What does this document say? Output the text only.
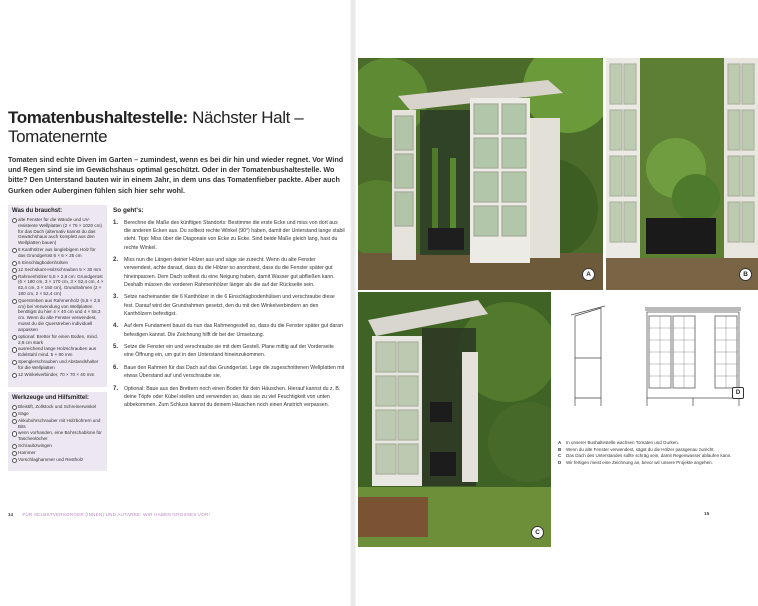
Tomatenbushaltestelle: Nächster Halt – Tomatenernte
Tomaten sind echte Diven im Garten – zumindest, wenn es bei dir hin und wieder regnet. Vor Wind und Regen sind sie im Gewächshaus optimal geschützt. Oder in der Tomatenbushaltestelle. Wo bitte? Den Unterstand bauten wir in einem Jahr, in dem uns das Tomatenfieber packte. Aber auch Gurken oder Auberginen fühlen sich hier sehr wohl.
Was du brauchst:
alte Fenster für die Wände und UV-resistente Wellplatten (2 × 75 × 1020 cm) für das Dach (alternativ kannst du das Gewächshaus auch komplett aus den Wellplatten bauen)
6 Kanthölzer aus langlebigem Holz für das Grundgerüst 6 × 6 × 25 cm
6 Einschlagbodenhülsen
12 Sechskant-Holzschrauben 5 × 30 mm
Rahmenhölzer 5,8 × 2,8 cm: Grundgerüst (6 × 180 cm, 3 × 170 cm, 3 × 52,4 cm, 4 × 62,4 cm, 3 × 150 cm), Grundrahmen (2 × 180 cm, 2 × 52,4 cm)
Querstreben aus Rahmenholz (5,8 × 2,8 cm) bei Verwendung von Wellplatten benötigst du hier 4 × 40 cm und 4 × 58,3 cm. Wenn du alte Fenster verwendest, musst du die Querstreben individuell anpassen
optional: Bretter für einen Boden, mind. 2,8 cm stark
ausreichend lange Holzschrauben aus Edelstahl mind. 5 × 80 mm
Spenglerschrauben und Abstandshalter für die Wellplatten
12 Winkelverbinder, 70 × 70 × 40 mm
Werkzeuge und Hilfsmittel:
Bleistift, Zollstock und Schreinerwinkel
Säge
Akkubohrschrauber mit Holzbohrern und Bits
wenn vorhanden, eine Bohrschablone für Taschenlöcher
Schraubzwingen
Hammer
Vorschlaghammer und Restholz
So geht's:
1. Berechne die Maße des künftigen Standorts: Bestimme die erste Ecke und miss von dort aus die anderen Ecken aus. Du solltest rechte Winkel (90°) haben, damit der Unterstand lange stabil steht. Tipp: Miss über die Diagonale von Ecke zu Ecke. Sind beide Maße gleich lang, hast du rechte Winkel.
2. Miss nun die Längen deiner Hölzer aus und säge sie zurecht. Wenn du alte Fenster verwendest, achte darauf, dass du die Hölzer so anordnest, dass du die Fenster später gut hineinpassen. Dem Dach solltest du eine Neigung haben, damit Wasser gut abfließen kann. Deshalb müssen die vorderen Rahmenhölzer länger als die auf der Rückseite sein.
3. Setze nacheinander die 6 Kanthölzer in die 6 Einschlagbodenhülsen und verschraube diese fest. Darauf wird der Grundrahmen gesetzt, den du mit den Winkelverbindern an den Kanthölzern befestigst.
4. Auf dem Fundament baust du nun das Rahmengestell so, dass du die Fenster später gut daran befestigen kannst. Die Zeichnung hilft dir bei der Umsetzung.
5. Setze die Fenster ein und verschraube sie mit dem Gestell. Plane mittig auf der Vorderseite eine Öffnung ein, um gut in den Unterstand hineinzukommen.
6. Baue den Rahmen für das Dach auf das Grundgerüst. Lege die zugeschnittenen Wellplatten mit etwas Überstand auf und verschraube sie.
7. Optional: Baue aus den Brettern noch einen Boden für dein Häuschen. Hierauf kannst du z. B. deine Töpfe oder Kübel stellen und verwenden so, dass sie zu viel Feuchtigkeit von unten abbekommen. Zum Schluss kannst du deinem Häuschen noch einen Anstrich verpassen.
14 FÜR SELBSTVERSORGER (INNEN) UND AUTARKE: WIR HABEN GROSSES VOR!
A	B
C
D
A In unserer Bushaltestelle wachsen Tomaten und Gurken.
B Wenn du alte Fenster verwendest, sägst du die Hölzer passgenau zurecht.
C Das Dach des Unterstandes sollte schräg sein, damit Regenwasser ablaufen kann.
D Wir fertigen meist eine Zeichnung an, bevor wir unsere Projekte angehen.
15
